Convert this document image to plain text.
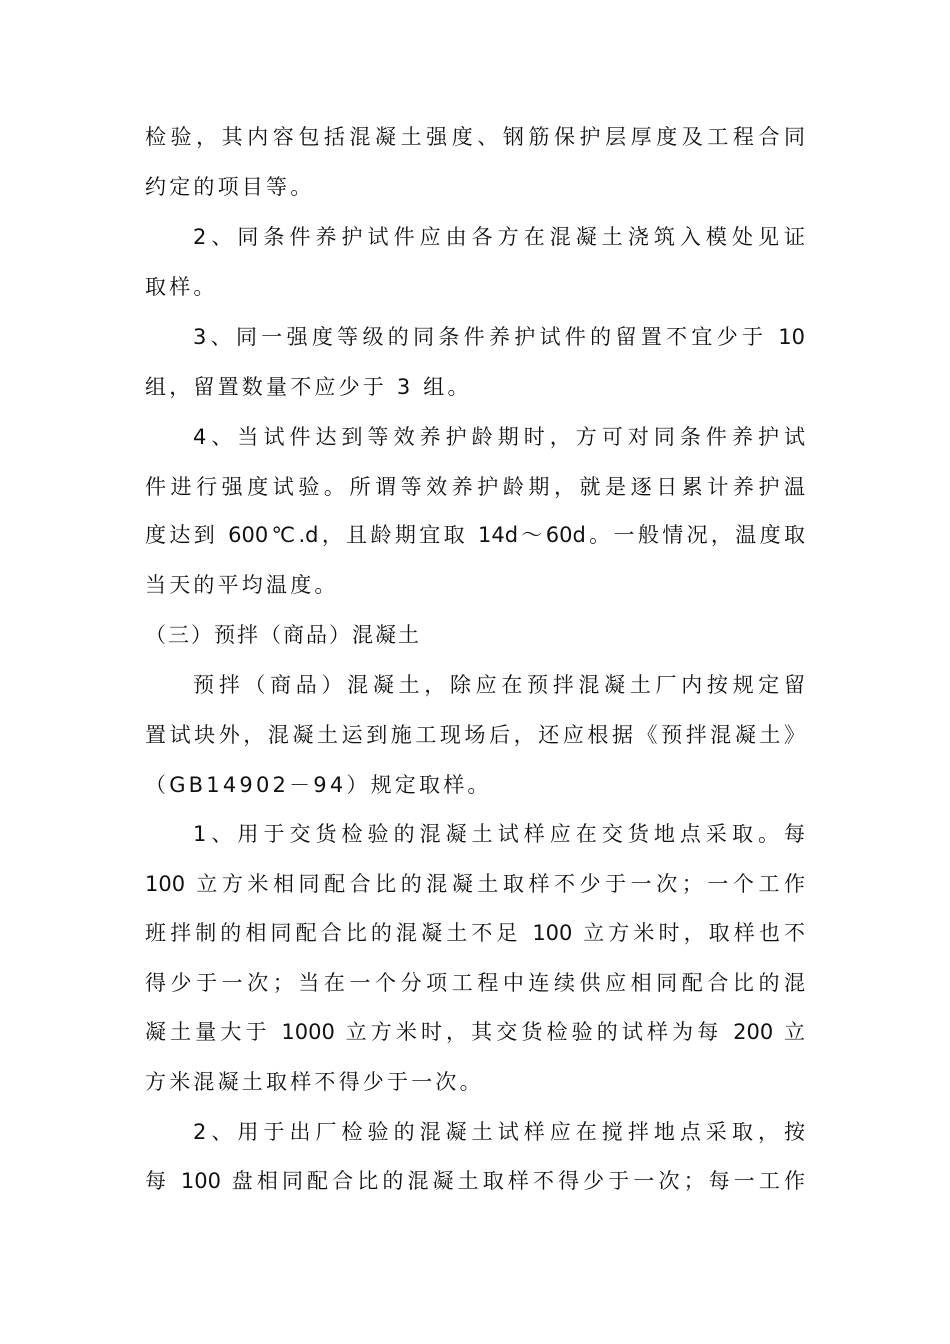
检验，其内容包括混凝土强度、钢筋保护层厚度及工程合同
约定的项目等。
2、同条件养护试件应由各方在混凝土浇筑入模处见证
取样。
3、同一强度等级的同条件养护试件的留置不宜少于 10
组，留置数量不应少于 3 组。
4、当试件达到等效养护龄期时，方可对同条件养护试
件进行强度试验。所谓等效养护龄期，就是逐日累计养护温
度达到 600℃.d，且龄期宜取 14d～60d。一般情况，温度取
当天的平均温度。
（三）预拌（商品）混凝土
预拌（商品）混凝土，除应在预拌混凝土厂内按规定留
置试块外，混凝土运到施工现场后，还应根据《预拌混凝土》
（GB14902－94）规定取样。
1、用于交货检验的混凝土试样应在交货地点采取。每
100 立方米相同配合比的混凝土取样不少于一次；一个工作
班拌制的相同配合比的混凝土不足 100 立方米时，取样也不
得少于一次；当在一个分项工程中连续供应相同配合比的混
凝土量大于 1000 立方米时，其交货检验的试样为每 200 立
方米混凝土取样不得少于一次。
2、用于出厂检验的混凝土试样应在搅拌地点采取，按
每 100 盘相同配合比的混凝土取样不得少于一次；每一工作
